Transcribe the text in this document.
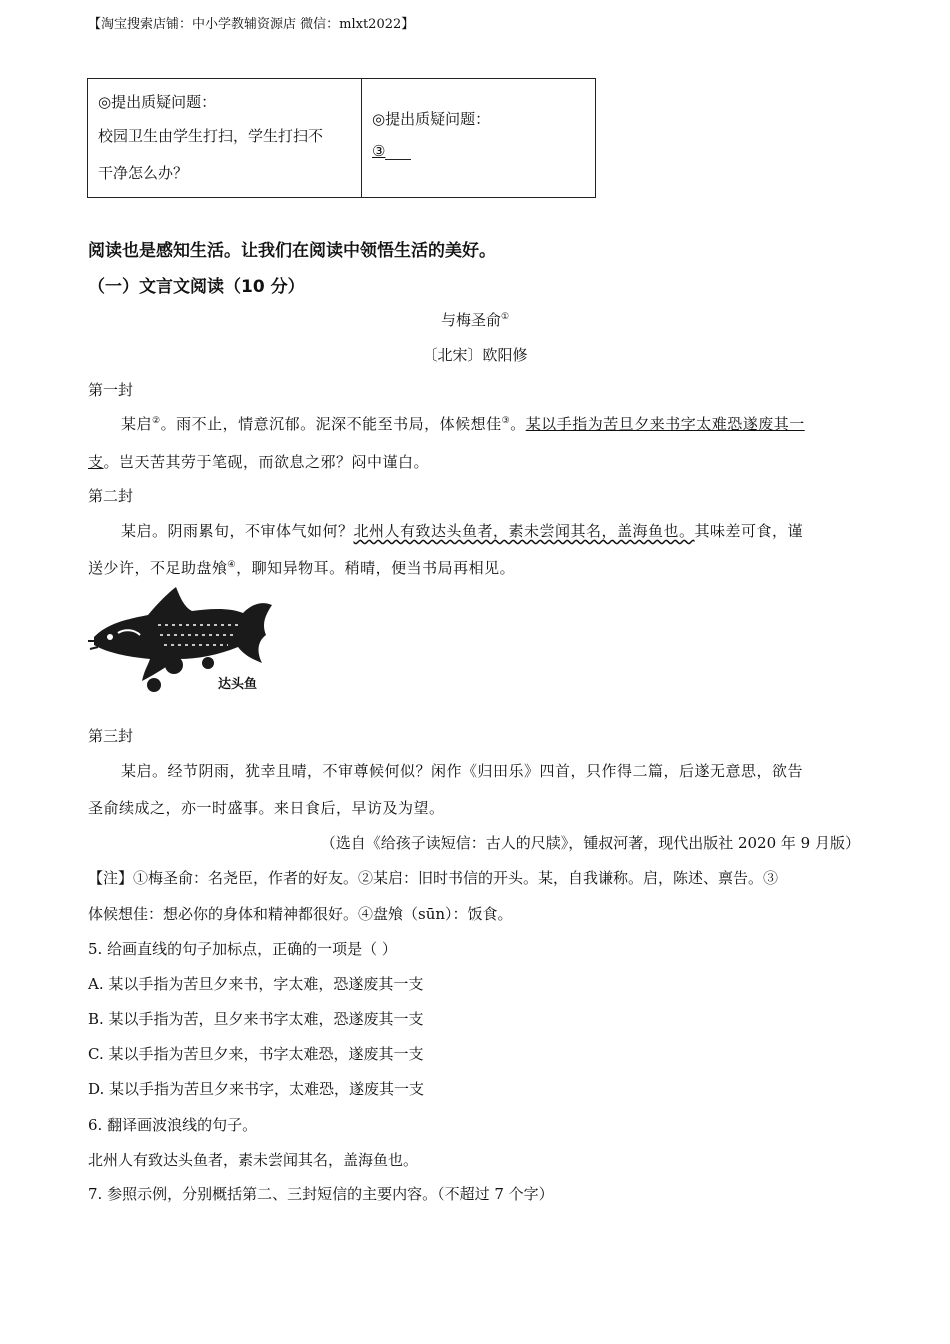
【淘宝搜索店铺：中小学教辅资源店 微信：mlxt2022】
◎提出质疑问题：
校园卫生由学生打扫，学生打扫不
干净怎么办？

◎提出质疑问题：
③
阅读也是感知生活。让我们在阅读中领悟生活的美好。
（一）文言文阅读（10 分）
与梅圣俞①
〔北宋〕欧阳修
第一封
某启②。雨不止，情意沉郁。泥深不能至书局，体候想佳③。某以手指为苦旦夕来书字太难恐遂废其一
支。岂天苦其劳于笔砚，而欲息之邪？闷中谨白。
第二封
某启。阴雨累旬，不审体气如何？北州人有致达头鱼者，素未尝闻其名，盖海鱼也。其味差可食，谨
送少许，不足助盘飧④，聊知异物耳。稍晴，便当书局再相见。
达头鱼
第三封
某启。经节阴雨，犹幸且晴，不审尊候何似？闲作《归田乐》四首，只作得二篇，后遂无意思，欲告
圣俞续成之，亦一时盛事。来日食后，早访及为望。
（选自《给孩子读短信：古人的尺牍》，锺叔河著，现代出版社 2020 年 9 月版）
【注】①梅圣俞：名尧臣，作者的好友。②某启：旧时书信的开头。某，自我谦称。启，陈述、禀告。③
体候想佳：想必你的身体和精神都很好。④盘飧（sūn）：饭食。
5. 给画直线的句子加标点，正确的一项是（ ）
A. 某以手指为苦旦夕来书，字太难，恐遂废其一支
B. 某以手指为苦，旦夕来书字太难，恐遂废其一支
C. 某以手指为苦旦夕来，书字太难恐，遂废其一支
D. 某以手指为苦旦夕来书字，太难恐，遂废其一支
6. 翻译画波浪线的句子。
北州人有致达头鱼者，素未尝闻其名，盖海鱼也。
7. 参照示例，分别概括第二、三封短信的主要内容。（不超过 7 个字）
